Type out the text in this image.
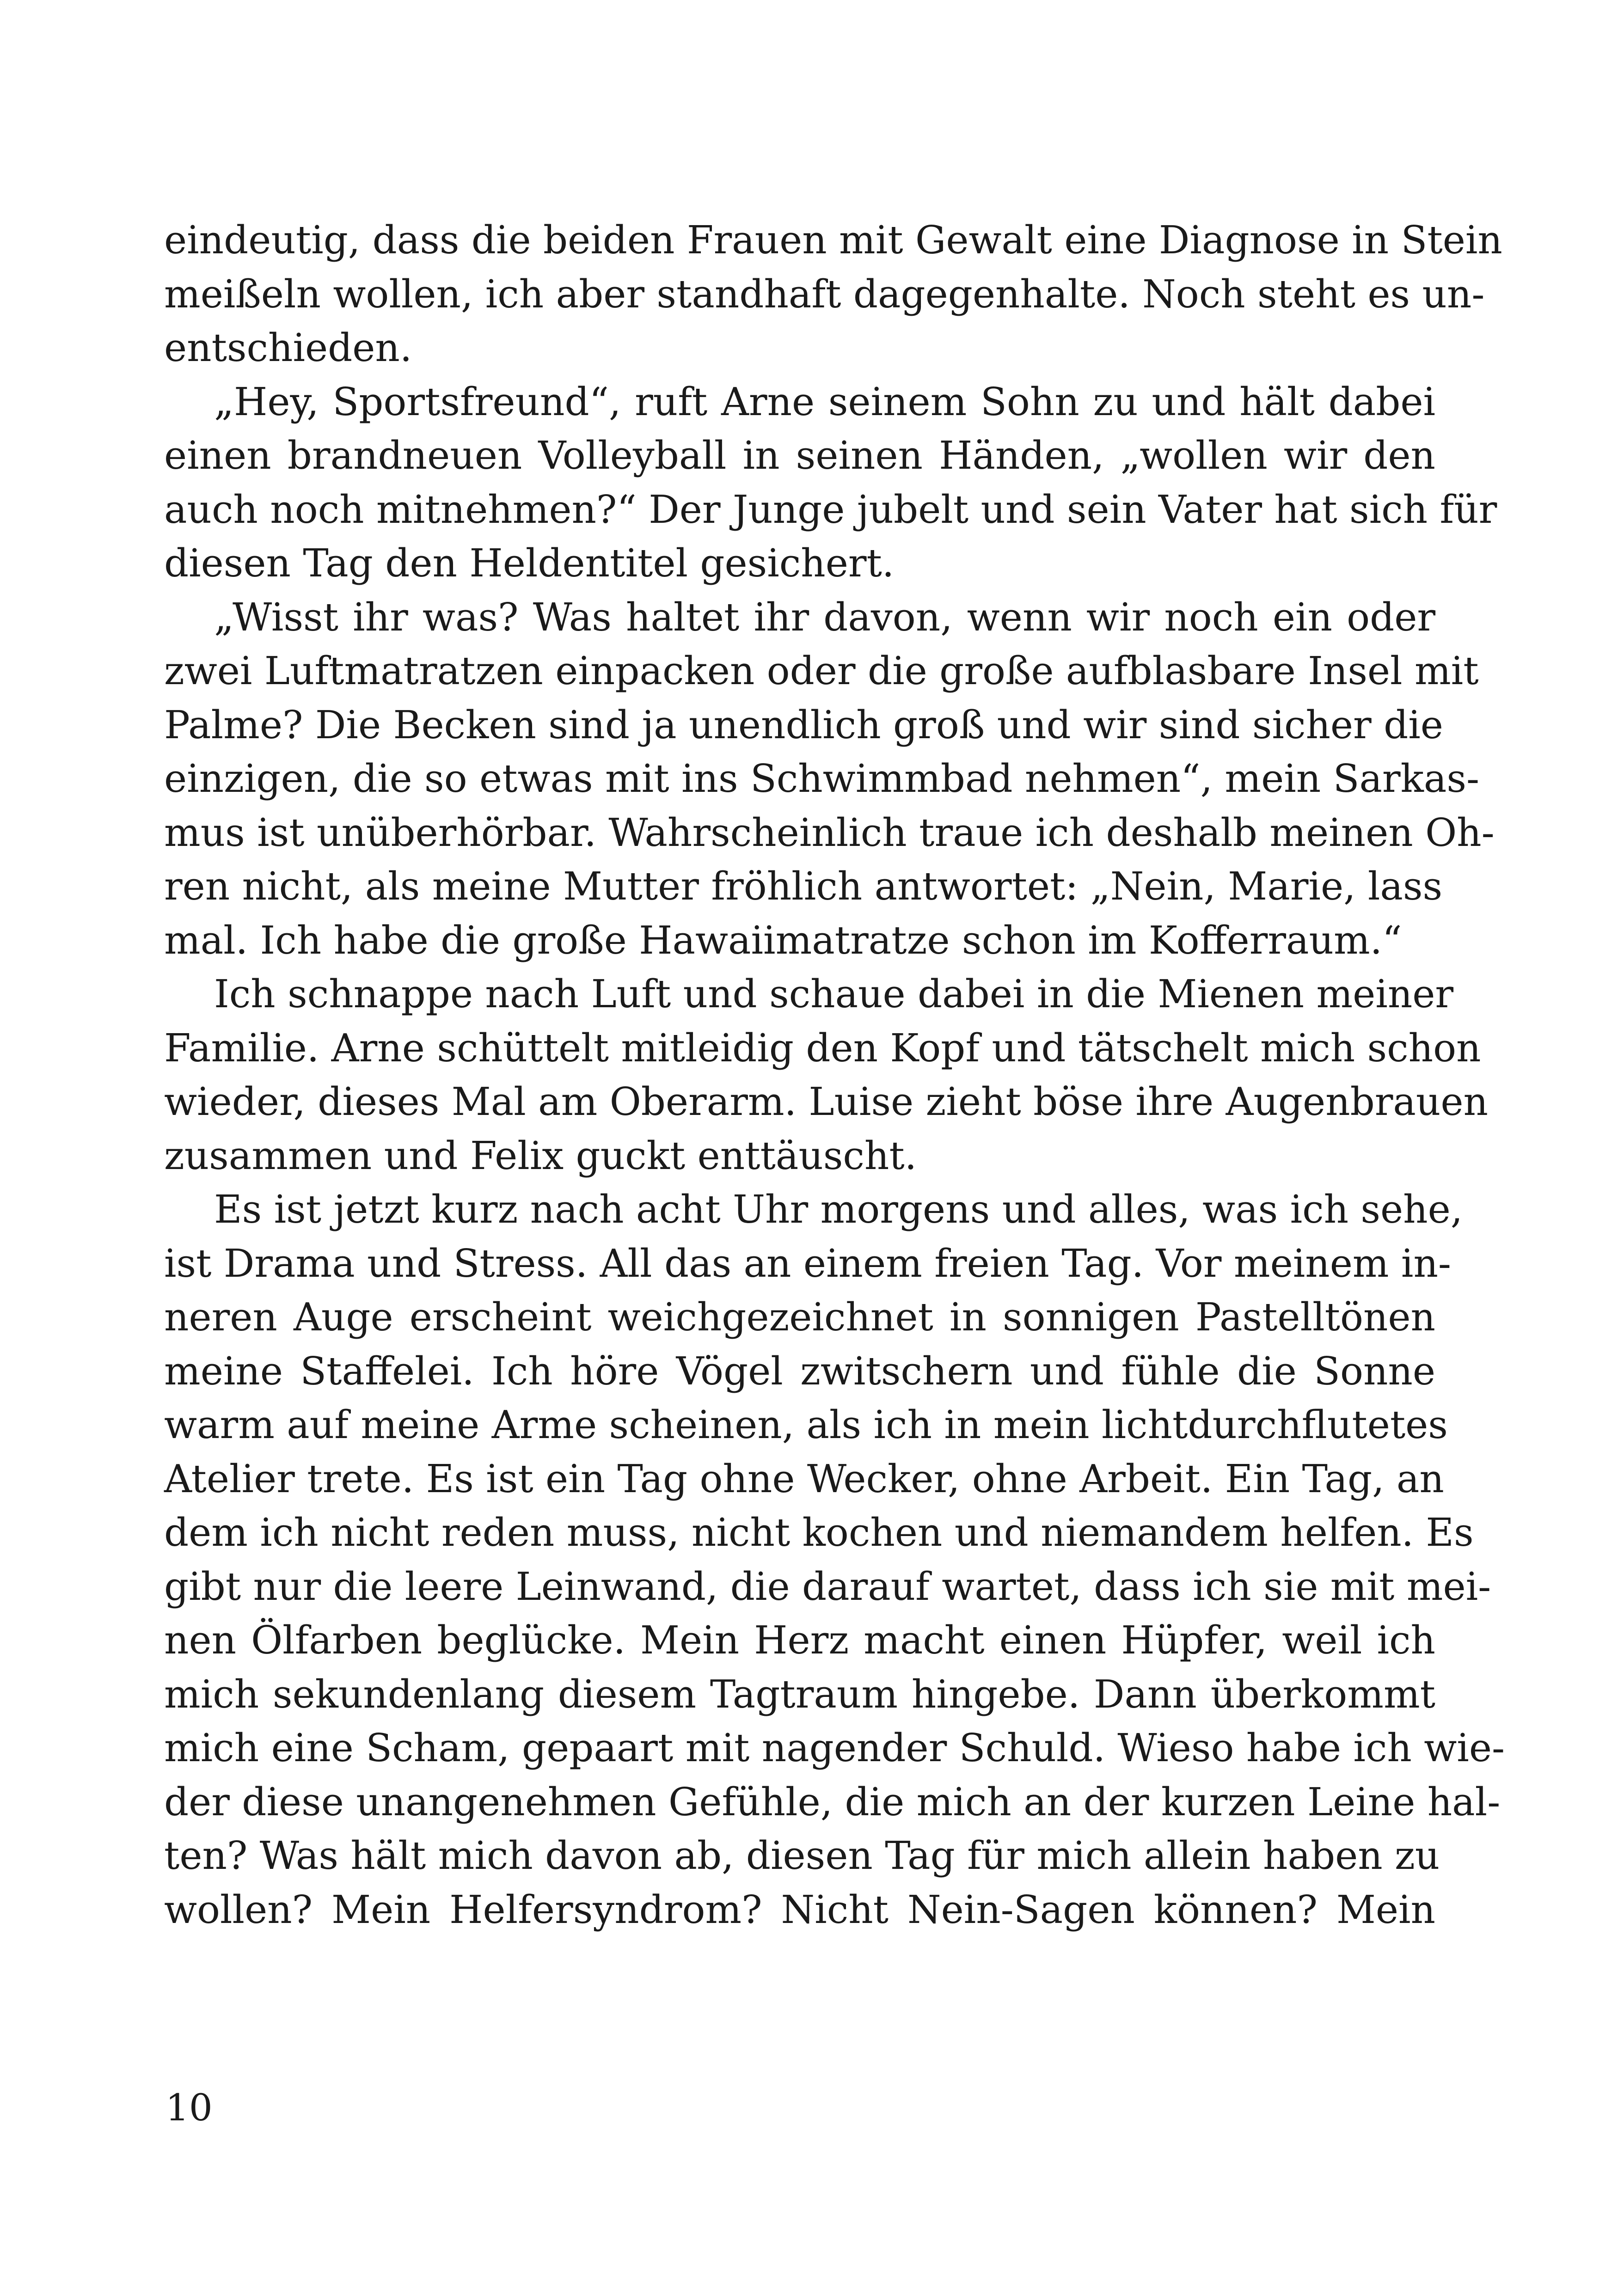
eindeutig, dass die beiden Frauen mit Gewalt eine Diagnose in Stein
meißeln wollen, ich aber standhaft dagegenhalte. Noch steht es un-
entschieden.
„Hey, Sportsfreund“, ruft Arne seinem Sohn zu und hält dabei
einen brandneuen Volleyball in seinen Händen, „wollen wir den
auch noch mitnehmen?“ Der Junge jubelt und sein Vater hat sich für
diesen Tag den Heldentitel gesichert.
„Wisst ihr was? Was haltet ihr davon, wenn wir noch ein oder
zwei Luftmatratzen einpacken oder die große aufblasbare Insel mit
Palme? Die Becken sind ja unendlich groß und wir sind sicher die
einzigen, die so etwas mit ins Schwimmbad nehmen“, mein Sarkas-
mus ist unüberhörbar. Wahrscheinlich traue ich deshalb meinen Oh-
ren nicht, als meine Mutter fröhlich antwortet: „Nein, Marie, lass
mal. Ich habe die große Hawaiimatratze schon im Kofferraum.“
Ich schnappe nach Luft und schaue dabei in die Mienen meiner
Familie. Arne schüttelt mitleidig den Kopf und tätschelt mich schon
wieder, dieses Mal am Oberarm. Luise zieht böse ihre Augenbrauen
zusammen und Felix guckt enttäuscht.
Es ist jetzt kurz nach acht Uhr morgens und alles, was ich sehe,
ist Drama und Stress. All das an einem freien Tag. Vor meinem in-
neren Auge erscheint weichgezeichnet in sonnigen Pastelltönen
meine Staffelei. Ich höre Vögel zwitschern und fühle die Sonne
warm auf meine Arme scheinen, als ich in mein lichtdurchflutetes
Atelier trete. Es ist ein Tag ohne Wecker, ohne Arbeit. Ein Tag, an
dem ich nicht reden muss, nicht kochen und niemandem helfen. Es
gibt nur die leere Leinwand, die darauf wartet, dass ich sie mit mei-
nen Ölfarben beglücke. Mein Herz macht einen Hüpfer, weil ich
mich sekundenlang diesem Tagtraum hingebe. Dann überkommt
mich eine Scham, gepaart mit nagender Schuld. Wieso habe ich wie-
der diese unangenehmen Gefühle, die mich an der kurzen Leine hal-
ten? Was hält mich davon ab, diesen Tag für mich allein haben zu
wollen? Mein Helfersyndrom? Nicht Nein-Sagen können? Mein
10
